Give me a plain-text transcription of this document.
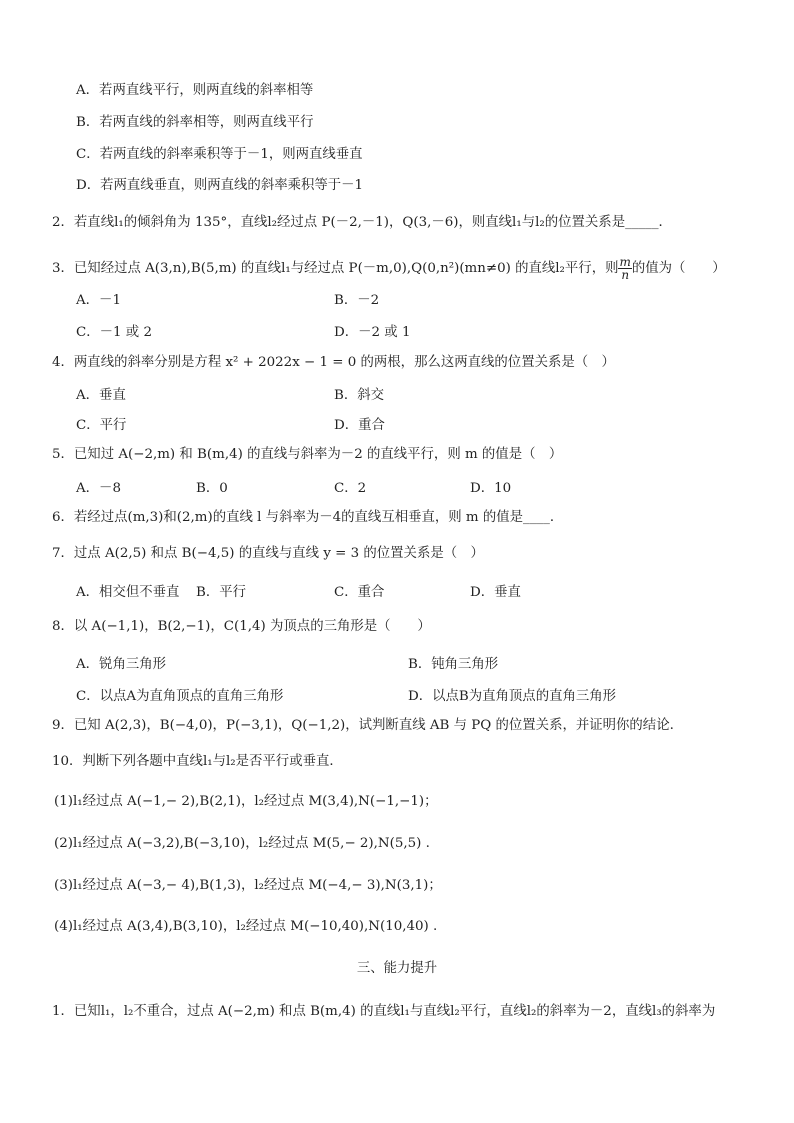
A．若两直线平行，则两直线的斜率相等
B．若两直线的斜率相等，则两直线平行
C．若两直线的斜率乘积等于－1，则两直线垂直
D．若两直线垂直，则两直线的斜率乘积等于－1
2．若直线l₁的倾斜角为 135°，直线l₂经过点 P(－2,－1)，Q(3,－6)，则直线l₁与l₂的位置关系是_____．
3．已知经过点 A(3,n),B(5,m) 的直线l₁与经过点 P(－m,0),Q(0,n²)(mn≠0) 的直线l₂平行，则 $\frac{m}{n}$ 的值为（　　）
A．－1	B．－2
C．－1 或 2	D．－2 或 1
4．两直线的斜率分别是方程 x² + 2022x − 1 = 0 的两根，那么这两直线的位置关系是（　）
A．垂直	B．斜交
C．平行	D．重合
5．已知过 A(−2,m) 和 B(m,4) 的直线与斜率为－2 的直线平行，则 m 的值是（　）
A．－8	B．0	C．2	D．10
6．若经过点(m,3)和(2,m)的直线 l 与斜率为－4的直线互相垂直，则 m 的值是____．
7．过点 A(2,5) 和点 B(−4,5) 的直线与直线 y = 3 的位置关系是（　）
A．相交但不垂直 B．平行	C．重合	D．垂直
8．以 A(−1,1)，B(2,−1)，C(1,4) 为顶点的三角形是（　　）
A．锐角三角形	B．钝角三角形
C．以点A为直角顶点的直角三角形	D．以点B为直角顶点的直角三角形
9．已知 A(2,3)，B(−4,0)，P(−3,1)，Q(−1,2)，试判断直线 AB 与 PQ 的位置关系，并证明你的结论.
10．判断下列各题中直线l₁与l₂是否平行或垂直．
(1)l₁经过点 A(−1,− 2),B(2,1)，l₂经过点 M(3,4),N(−1,−1)；
(2)l₁经过点 A(−3,2),B(−3,10)，l₂经过点 M(5,− 2),N(5,5) .
(3)l₁经过点 A(−3,− 4),B(1,3)，l₂经过点 M(−4,− 3),N(3,1)；
(4)l₁经过点 A(3,4),B(3,10)，l₂经过点 M(−10,40),N(10,40) .
三、能力提升
1．已知l₁，l₂不重合，过点 A(−2,m) 和点 B(m,4) 的直线l₁与直线l₂平行，直线l₂的斜率为－2，直线l₃的斜率为
